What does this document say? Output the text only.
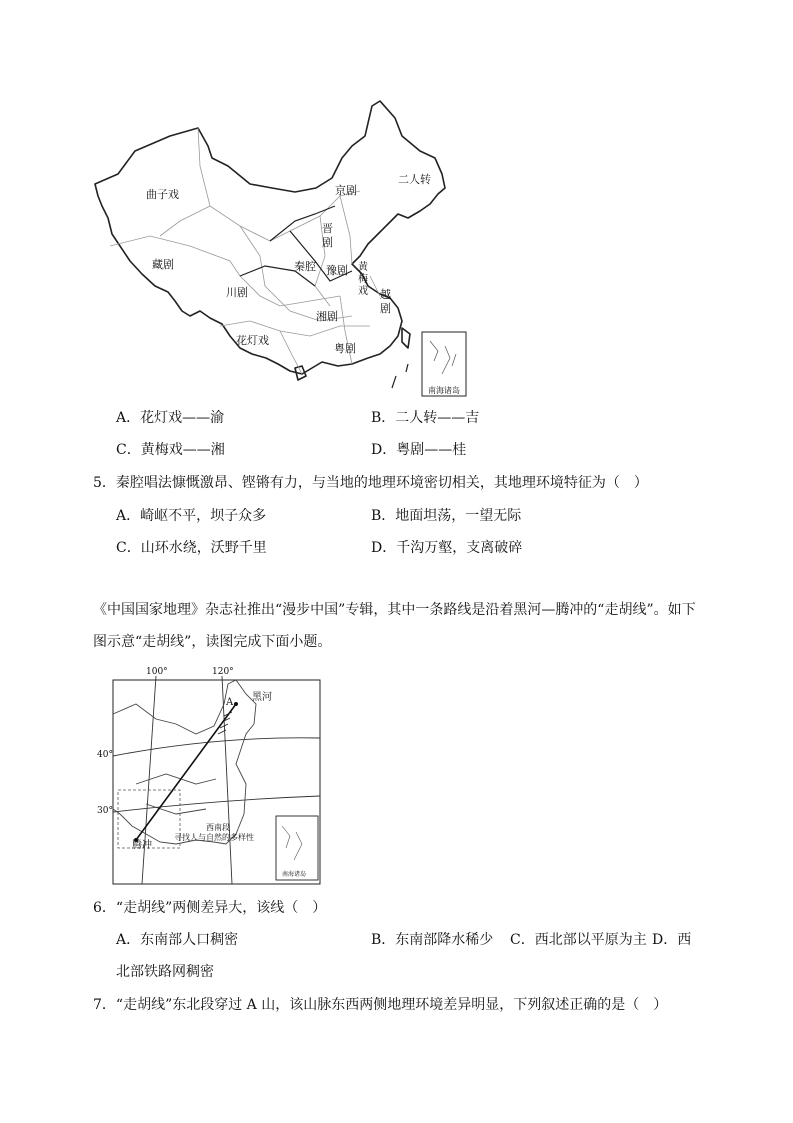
曲子戏
藏剧
川剧
花灯戏
京剧
二人转
晋剧
秦腔 豫剧 黄梅戏 越剧
湘剧
粤剧
南海诸岛
A．花灯戏——渝	B．二人转——吉
C．黄梅戏——湘	D．粤剧——桂
5．秦腔唱法慷慨激昂、铿锵有力，与当地的地理环境密切相关，其地理环境特征为（　）
A．崎岖不平，坝子众多	B．地面坦荡，一望无际
C．山环水绕，沃野千里	D．千沟万壑，支离破碎
《中国国家地理》杂志社推出“漫步中国”专辑，其中一条路线是沿着黑河—腾冲的“走胡线”。如下
图示意“走胡线”，读图完成下面小题。
100°	120°
40°
30°
A 黑河
腾冲
西南段
寻找人与自然的多样性
南海诸岛
6．“走胡线”两侧差异大，该线（　）
A．东南部人口稠密	B．东南部降水稀少 C．西北部以平原为主 D．西
北部铁路网稠密
7．“走胡线”东北段穿过 A 山，该山脉东西两侧地理环境差异明显，下列叙述正确的是（　）
